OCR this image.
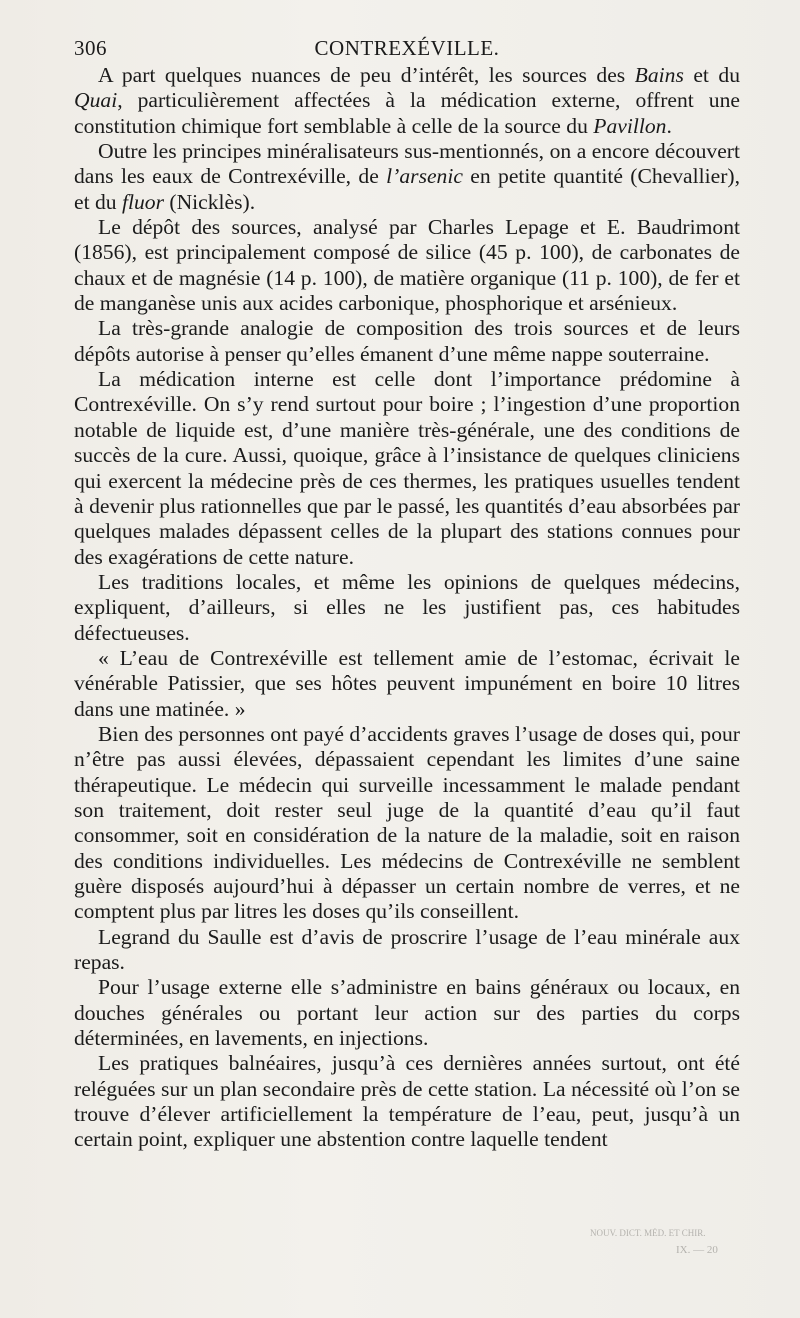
306	CONTREXÉVILLE.

A part quelques nuances de peu d’intérêt, les sources des Bains et du Quai, particulièrement affectées à la médication externe, offrent une constitution chimique fort semblable à celle de la source du Pavillon.

Outre les principes minéralisateurs sus-mentionnés, on a encore découvert dans les eaux de Contrexéville, de l’arsenic en petite quantité (Chevallier), et du fluor (Nicklès).

Le dépôt des sources, analysé par Charles Lepage et E. Baudrimont (1856), est principalement composé de silice (45 p. 100), de carbonates de chaux et de magnésie (14 p. 100), de matière organique (11 p. 100), de fer et de manganèse unis aux acides carbonique, phosphorique et arsénieux.

La très-grande analogie de composition des trois sources et de leurs dépôts autorise à penser qu’elles émanent d’une même nappe souterraine.

La médication interne est celle dont l’importance prédomine à Contrexéville. On s’y rend surtout pour boire ; l’ingestion d’une proportion notable de liquide est, d’une manière très-générale, une des conditions de succès de la cure. Aussi, quoique, grâce à l’insistance de quelques cliniciens qui exercent la médecine près de ces thermes, les pratiques usuelles tendent à devenir plus rationnelles que par le passé, les quantités d’eau absorbées par quelques malades dépassent celles de la plupart des stations connues pour des exagérations de cette nature.

Les traditions locales, et même les opinions de quelques médecins, expliquent, d’ailleurs, si elles ne les justifient pas, ces habitudes défectueuses.

« L’eau de Contrexéville est tellement amie de l’estomac, écrivait le vénérable Patissier, que ses hôtes peuvent impunément en boire 10 litres dans une matinée. »

Bien des personnes ont payé d’accidents graves l’usage de doses qui, pour n’être pas aussi élevées, dépassaient cependant les limites d’une saine thérapeutique. Le médecin qui surveille incessamment le malade pendant son traitement, doit rester seul juge de la quantité d’eau qu’il faut consommer, soit en considération de la nature de la maladie, soit en raison des conditions individuelles. Les médecins de Contrexéville ne semblent guère disposés aujourd’hui à dépasser un certain nombre de verres, et ne comptent plus par litres les doses qu’ils conseillent.

Legrand du Saulle est d’avis de proscrire l’usage de l’eau minérale aux repas.

Pour l’usage externe elle s’administre en bains généraux ou locaux, en douches générales ou portant leur action sur des parties du corps déterminées, en lavements, en injections.

Les pratiques balnéaires, jusqu’à ces dernières années surtout, ont été reléguées sur un plan secondaire près de cette station. La nécessité où l’on se trouve d’élever artificiellement la température de l’eau, peut, jusqu’à un certain point, expliquer une abstention contre laquelle tendent

NOUV. DICT. MÉD. ET CHIR.
IX. — 20
